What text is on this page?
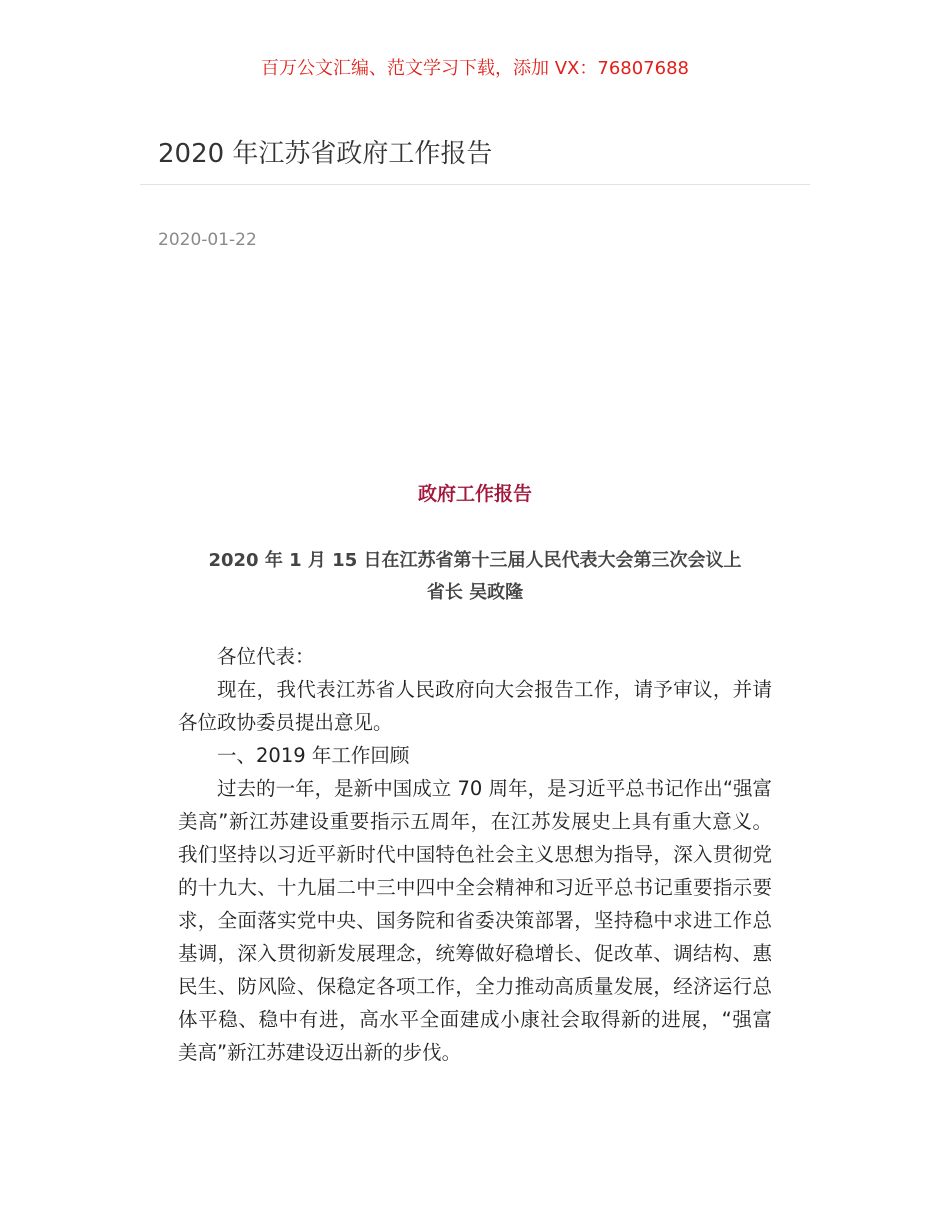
百万公文汇编、范文学习下载，添加 VX：76807688
2020 年江苏省政府工作报告
2020-01-22
政府工作报告
2020 年 1 月 15 日在江苏省第十三届人民代表大会第三次会议上
省长 吴政隆

各位代表：

现在，我代表江苏省人民政府向大会报告工作，请予审议，并请各位政协委员提出意见。

一、2019 年工作回顾

过去的一年，是新中国成立 70 周年，是习近平总书记作出“强富美高”新江苏建设重要指示五周年，在江苏发展史上具有重大意义。我们坚持以习近平新时代中国特色社会主义思想为指导，深入贯彻党的十九大、十九届二中三中四中全会精神和习近平总书记重要指示要求，全面落实党中央、国务院和省委决策部署，坚持稳中求进工作总基调，深入贯彻新发展理念，统筹做好稳增长、促改革、调结构、惠民生、防风险、保稳定各项工作，全力推动高质量发展，经济运行总体平稳、稳中有进，高水平全面建成小康社会取得新的进展，“强富美高”新江苏建设迈出新的步伐。
